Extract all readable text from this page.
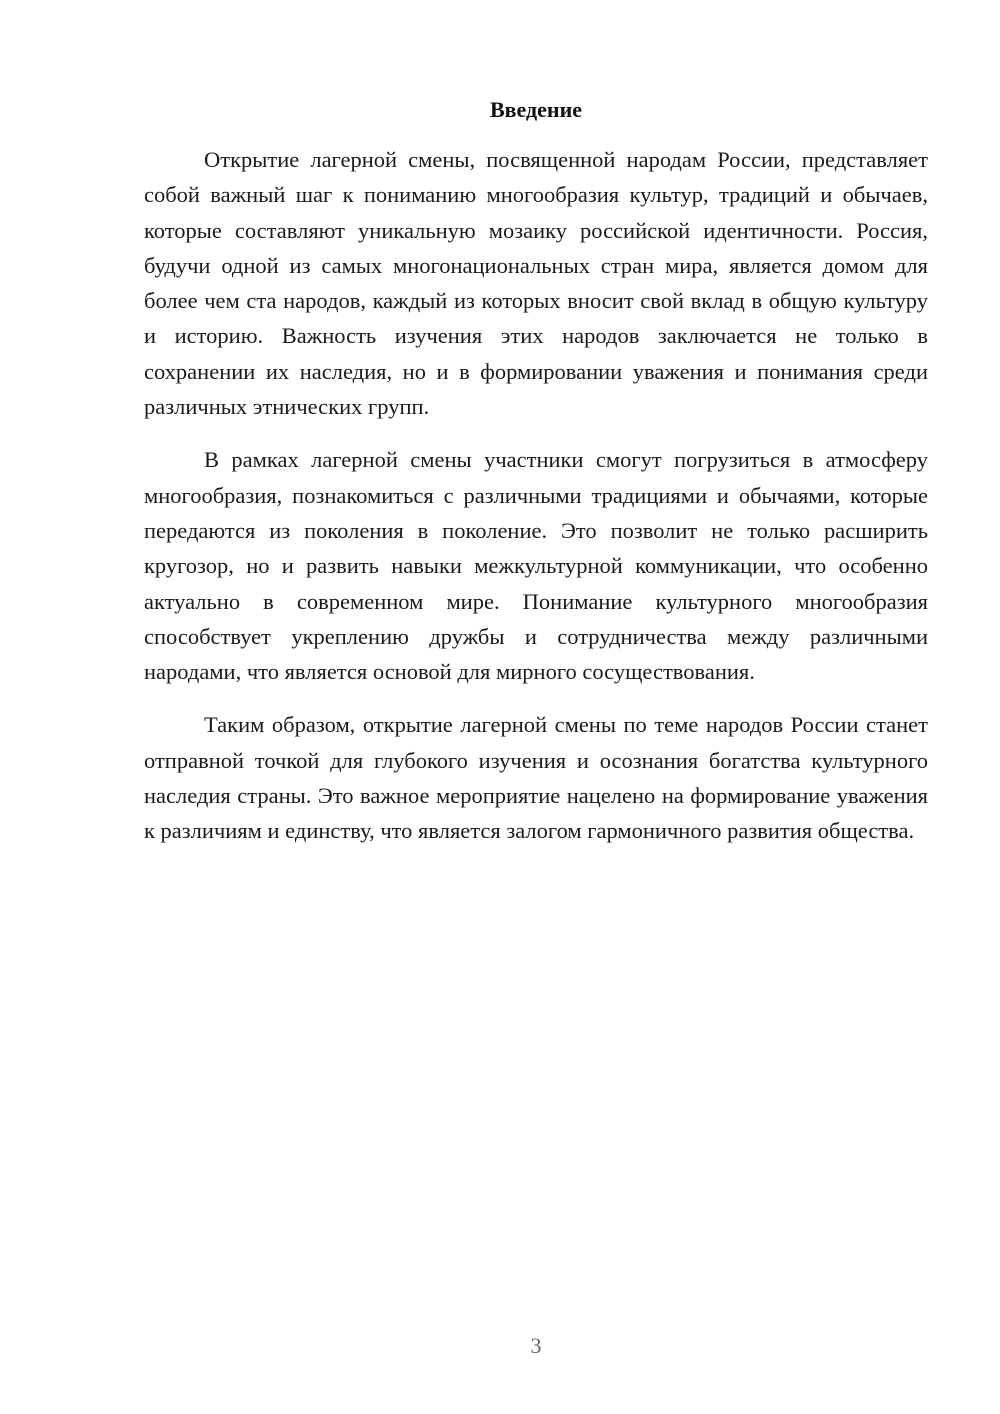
Введение

Открытие лагерной смены, посвященной народам России, представляет собой важный шаг к пониманию многообразия культур, традиций и обычаев, которые составляют уникальную мозаику российской идентичности. Россия, будучи одной из самых многонациональных стран мира, является домом для более чем ста народов, каждый из которых вносит свой вклад в общую культуру и историю. Важность изучения этих народов заключается не только в сохранении их наследия, но и в формировании уважения и понимания среди различных этнических групп.

В рамках лагерной смены участники смогут погрузиться в атмосферу многообразия, познакомиться с различными традициями и обычаями, которые передаются из поколения в поколение. Это позволит не только расширить кругозор, но и развить навыки межкультурной коммуникации, что особенно актуально в современном мире. Понимание культурного многообразия способствует укреплению дружбы и сотрудничества между различными народами, что является основой для мирного сосуществования.

Таким образом, открытие лагерной смены по теме народов России станет отправной точкой для глубокого изучения и осознания богатства культурного наследия страны. Это важное мероприятие нацелено на формирование уважения к различиям и единству, что является залогом гармоничного развития общества.

3
